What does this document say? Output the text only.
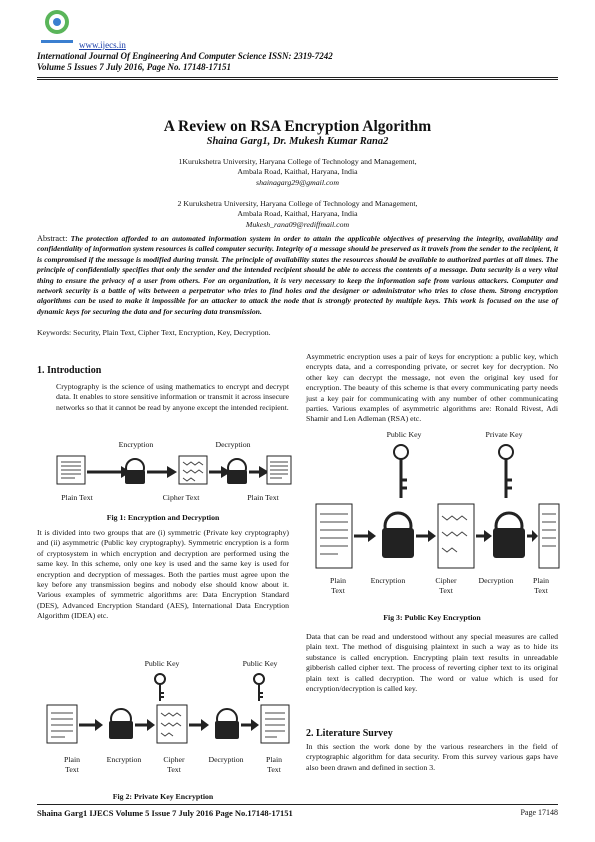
www.ijecs.in
International Journal Of Engineering And Computer Science ISSN: 2319-7242
Volume 5 Issues 7 July 2016, Page No. 17148-17151
A Review on RSA Encryption Algorithm
Shaina Garg1, Dr. Mukesh Kumar Rana2
1Kurukshetra University, Haryana College of Technology and Management,
Ambala Road, Kaithal, Haryana, India
shainagarg29@gmail.com
2 Kurukshetra University, Haryana College of Technology and Management,
Ambala Road, Kaithal, Haryana, India
Mukesh_rana09@rediffmail.com
Abstract: The protection afforded to an automated information system in order to attain the applicable objectives of preserving the integrity, availability and confidentiality of information system resources is called computer security. Integrity of a message should be preserved as it travels from the sender to the recipient, it is compromised if the message is modified during transit. The principle of availability states the resources should be available to authorized parties at all times. The principle of confidentially specifies that only the sender and the intended recipient should be able to access the contents of a message. Data security is a very vital thing to ensure the privacy of a user from others. For an organization, it is very necessary to keep the information safe from various attackers. Computer and network security is a battle of wits between a perpetrator who tries to find holes and the designer or administrator who tries to close them. Strong encryption algorithms can be used to make it impossible for an attacker to attack the node that is strongly protected by multiple keys. This work is focused on the use of dynamic keys for securing the data and for securing data transmission.
Keywords: Security, Plain Text, Cipher Text, Encryption, Key, Decryption.
1. Introduction
Cryptography is the science of using mathematics to encrypt and decrypt data. It enables to store sensitive information or transmit it across insecure networks so that it cannot be read by anyone except the intended recipient.
Encryption	Decryption
Plain Text	Cipher Text	Plain Text
Fig 1: Encryption and Decryption
It is divided into two groups that are (i) symmetric (Private key cryptography) and (ii) asymmetric (Public key cryptography). Symmetric encryption is a form of cryptosystem in which encryption and decryption are performed using the same key. In this scheme, only one key is used and the same key is used for encryption and decryption of messages. Both the parties must agree upon the key before any transmission begins and nobody else should know about it. Various examples of symmetric algorithms are: Data Encryption Standard (DES), Advanced Encryption Standard (AES), International Data Encryption Algorithm (IDEA) etc.
Public Key	Public Key
Plain
Text
Encryption	Cipher
Text
Decryption	Plain
Text
Fig 2: Private Key Encryption
Asymmetric encryption uses a pair of keys for encryption: a public key, which encrypts data, and a corresponding private, or secret key for decryption. No other key can decrypt the message, not even the original key used for encryption. The beauty of this scheme is that every communicating party needs just a key pair for communicating with any number of other communicating parties. Various examples of asymmetric algorithms are: Ronald Rivest, Adi Shamir and Len Adleman (RSA) etc.
Public Key	Private Key
Plain
Text
Encryption	Cipher
Text
Decryption	Plain
Text
Fig 3: Public Key Encryption
Data that can be read and understood without any special measures are called plain text. The method of disguising plaintext in such a way as to hide its substance is called encryption. Encrypting plain text results in unreadable gibberish called cipher text. The process of reverting cipher text to its original plain text is called decryption. The word or value which is used for encryption/decryption is called key.
2. Literature Survey
In this section the work done by the various researchers in the field of cryptographic algorithm for data security. From this survey various gaps have also been drawn and defined in section 3.
Shaina Garg1 IJECS Volume 5 Issue 7 July 2016 Page No.17148-17151	Page 17148
